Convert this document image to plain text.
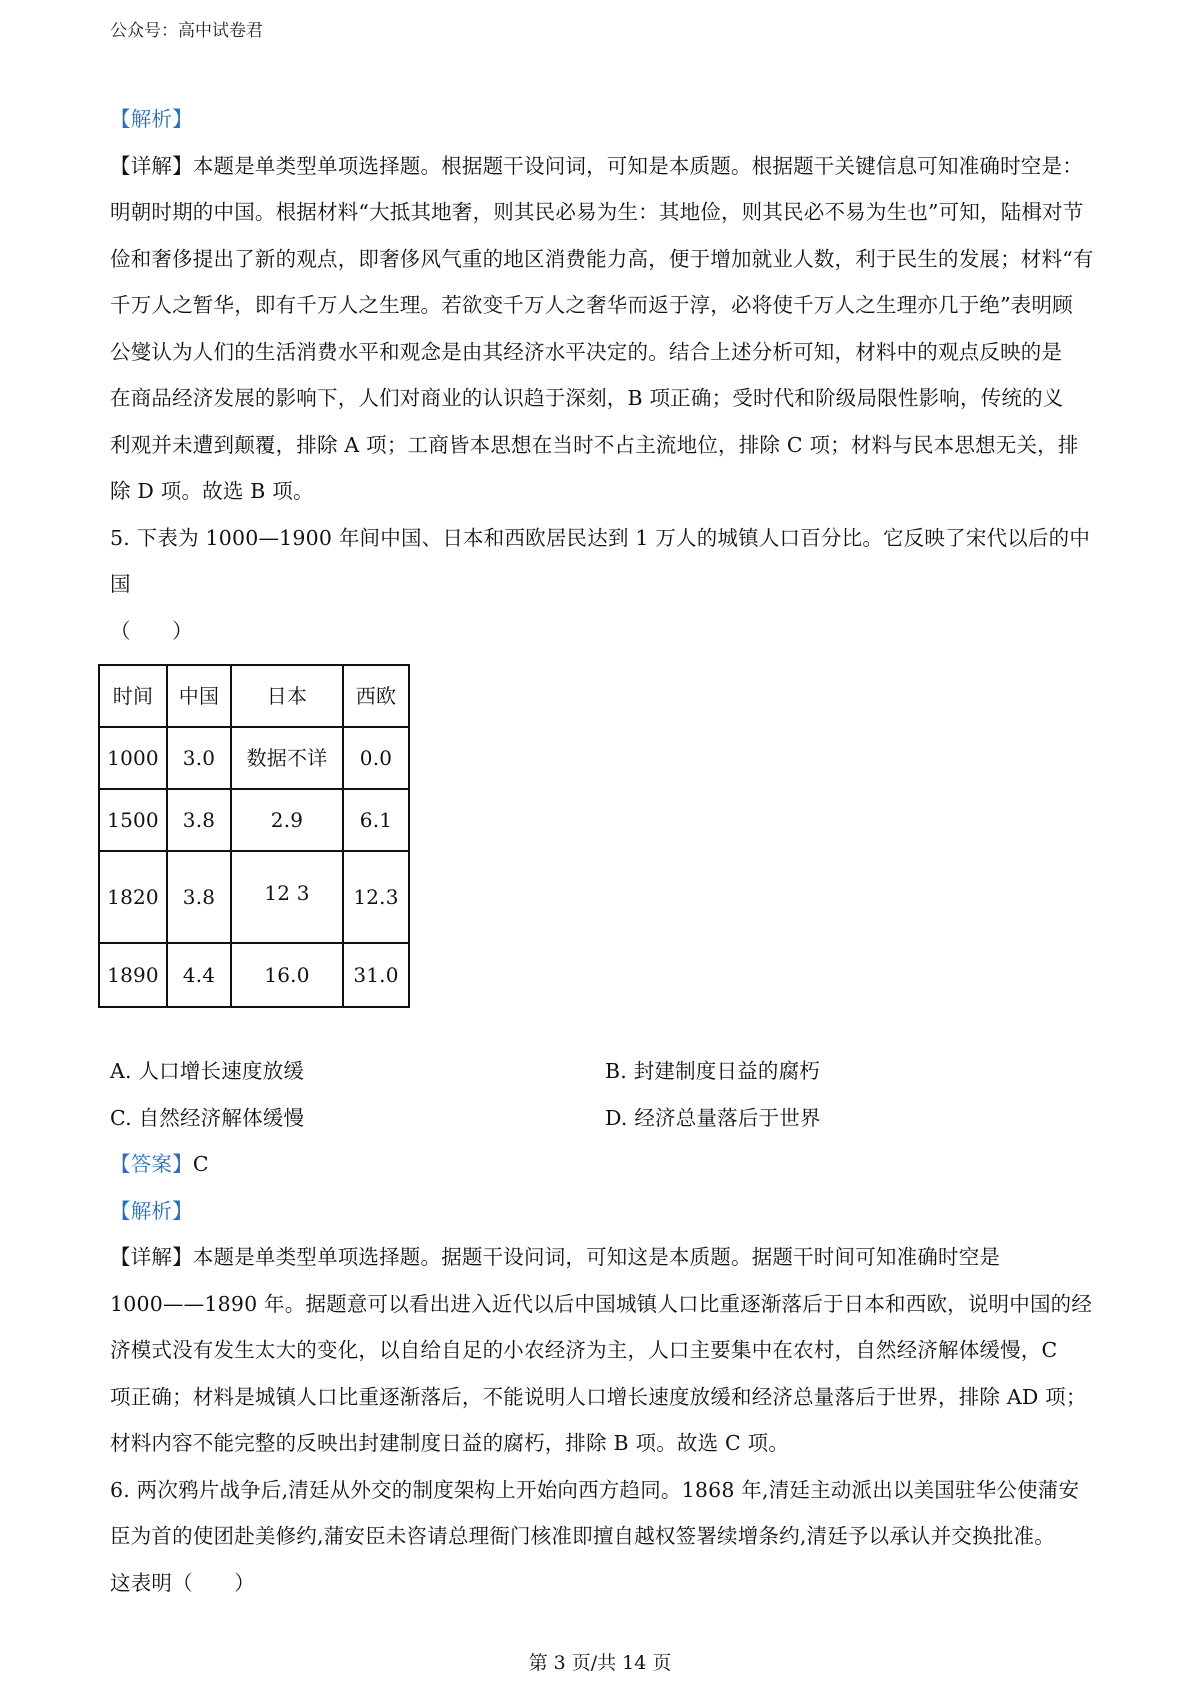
公众号：高中试卷君

【解析】

【详解】本题是单类型单项选择题。根据题干设问词，可知是本质题。根据题干关键信息可知准确时空是：

明朝时期的中国。根据材料“大抵其地奢，则其民必易为生：其地俭，则其民必不易为生也”可知，陆楫对节

俭和奢侈提出了新的观点，即奢侈风气重的地区消费能力高，便于增加就业人数，利于民生的发展；材料“有

千万人之暂华，即有千万人之生理。若欲变千万人之奢华而返于淳，必将使千万人之生理亦几于绝”表明顾

公燮认为人们的生活消费水平和观念是由其经济水平决定的。结合上述分析可知，材料中的观点反映的是

在商品经济发展的影响下，人们对商业的认识趋于深刻，B 项正确；受时代和阶级局限性影响，传统的义

利观并未遭到颠覆，排除 A 项；工商皆本思想在当时不占主流地位，排除 C 项；材料与民本思想无关，排

除 D 项。故选 B 项。

5. 下表为 1000—1900 年间中国、日本和西欧居民达到 1 万人的城镇人口百分比。它反映了宋代以后的中国

（　　）

时间	中国	日本	西欧
1000	3.0	数据不详	0.0
1500	3.8	2.9	6.1
1820	3.8	12 3	12.3
1890	4.4	16.0	31.0
A. 人口增长速度放缓	B. 封建制度日益的腐朽
C. 自然经济解体缓慢	D. 经济总量落后于世界

【答案】C

【解析】

【详解】本题是单类型单项选择题。据题干设问词，可知这是本质题。据题干时间可知准确时空是

1000——1890 年。据题意可以看出进入近代以后中国城镇人口比重逐渐落后于日本和西欧，说明中国的经

济模式没有发生太大的变化，以自给自足的小农经济为主，人口主要集中在农村，自然经济解体缓慢，C

项正确；材料是城镇人口比重逐渐落后，不能说明人口增长速度放缓和经济总量落后于世界，排除 AD 项；

材料内容不能完整的反映出封建制度日益的腐朽，排除 B 项。故选 C 项。

6. 两次鸦片战争后,清廷从外交的制度架构上开始向西方趋同。1868 年,清廷主动派出以美国驻华公使蒲安

臣为首的使团赴美修约,蒲安臣未咨请总理衙门核准即擅自越权签署续增条约,清廷予以承认并交换批准。

这表明（　　）

第 3 页/共 14 页
